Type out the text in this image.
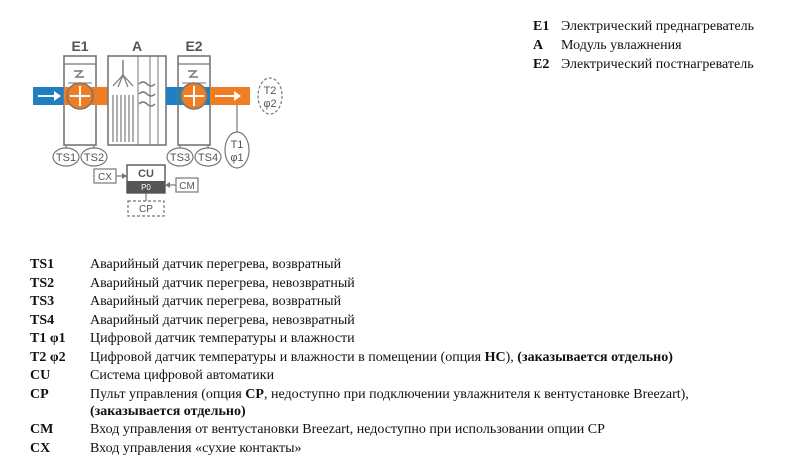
E1	A	E2
T2
φ2
T1
φ1
TS1 TS2	TS3 TS4
CU
P0
CX
CM
CP
E1 Электрический преднагреватель
A	Модуль увлажнения
E2 Электрический постнагреватель
TS1	Аварийный датчик перегрева, возвратный
TS2	Аварийный датчик перегрева, невозвратный
TS3	Аварийный датчик перегрева, возвратный
TS4	Аварийный датчик перегрева, невозвратный
T1 φ1	Цифровой датчик температуры и влажности
T2 φ2	Цифровой датчик температуры и влажности в помещении (опция HC), (заказывается отдельно)
CU	Система цифровой автоматики
CP	Пульт управления (опция CP, недоступно при подключении увлажнителя к вентустановке Breezart),
(заказывается отдельно)
CM	Вход управления от вентустановки Breezart, недоступно при использовании опции CP
CX	Вход управления «сухие контакты»
